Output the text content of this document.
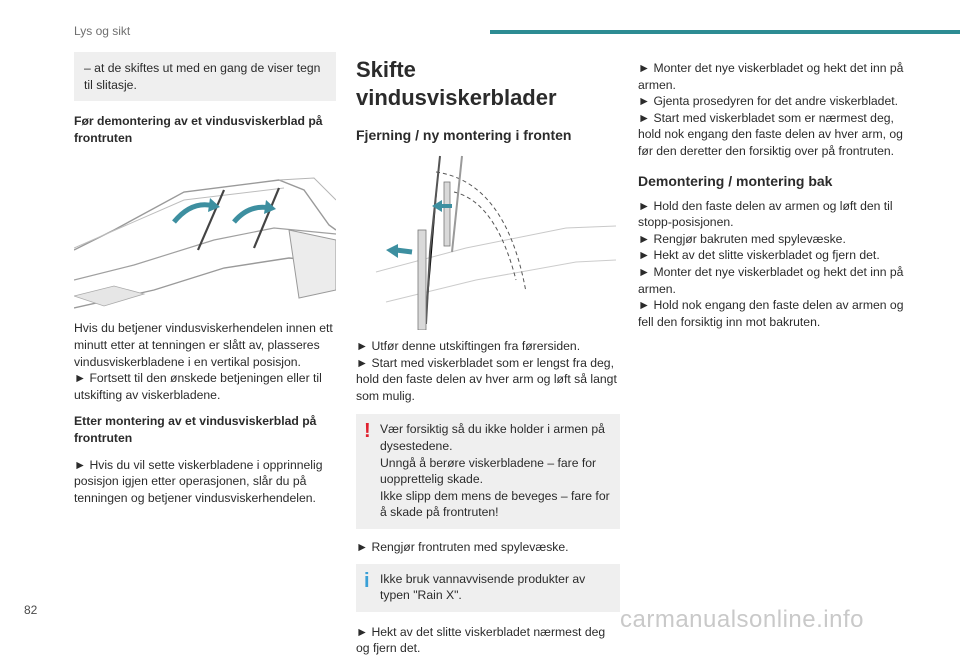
Lys og sikt

– at de skiftes ut med en gang de viser tegn til slitasje.

Før demontering av et vindusviskerblad på frontruten

Hvis du betjener vindusviskerhendelen innen ett minutt etter at tenningen er slått av, plasseres vindusviskerbladene i en vertikal posisjon.

► Fortsett til den ønskede betjeningen eller til utskifting av viskerbladene.

Etter montering av et vindusviskerblad på frontruten

► Hvis du vil sette viskerbladene i opprinnelig posisjon igjen etter operasjonen, slår du på tenningen og betjener vindusviskerhendelen.

Skifte vindusviskerblader
Fjerning / ny montering i fronten

► Utfør denne utskiftingen fra førersiden.

► Start med viskerbladet som er lengst fra deg, hold den faste delen av hver arm og løft så langt som mulig.

! Vær forsiktig så du ikke holder i armen på dysestedene.
Unngå å berøre viskerbladene – fare for uopprettelig skade.
Ikke slipp dem mens de beveges – fare for å skade på frontruten!

► Rengjør frontruten med spylevæske.

i Ikke bruk vannavvisende produkter av typen "Rain X".

► Hekt av det slitte viskerbladet nærmest deg og fjern det.

► Monter det nye viskerbladet og hekt det inn på armen.
► Gjenta prosedyren for det andre viskerbladet.
► Start med viskerbladet som er nærmest deg, hold nok engang den faste delen av hver arm, og før den deretter den forsiktig over på frontruten.

Demontering / montering bak

► Hold den faste delen av armen og løft den til stopp-posisjonen.
► Rengjør bakruten med spylevæske.
► Hekt av det slitte viskerbladet og fjern det.
► Monter det nye viskerbladet og hekt det inn på armen.
► Hold nok engang den faste delen av armen og fell den forsiktig inn mot bakruten.

82	carmanualsonline.info
